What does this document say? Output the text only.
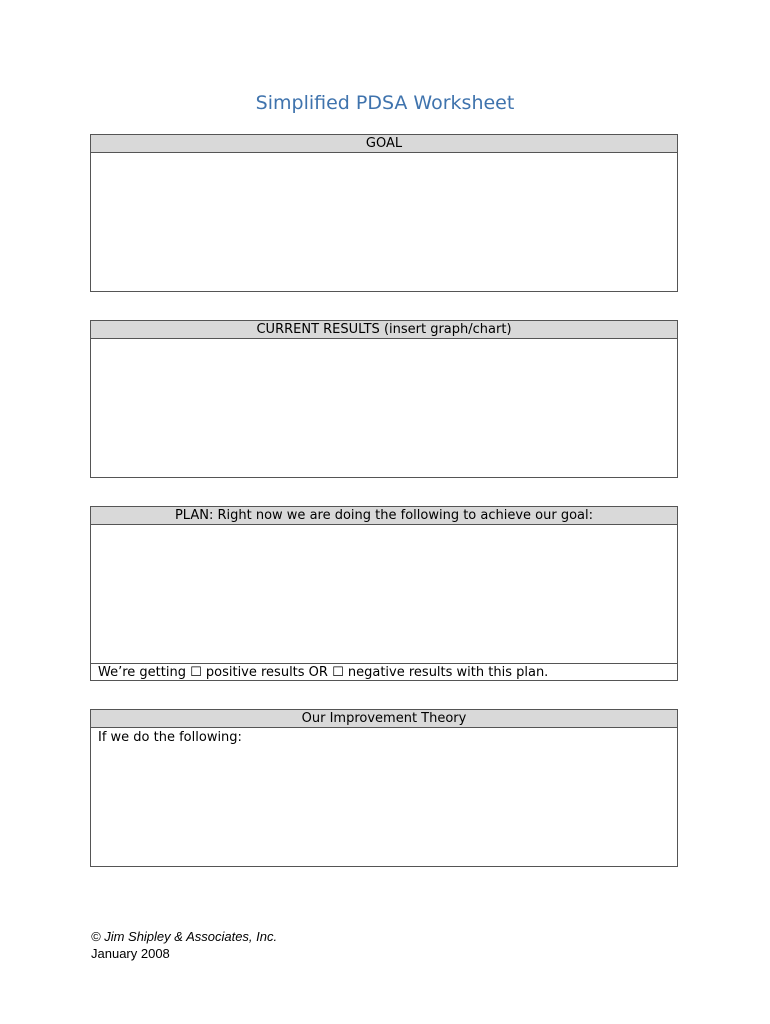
Simplified PDSA Worksheet
GOAL
CURRENT RESULTS (insert graph/chart)
PLAN: Right now we are doing the following to achieve our goal:
We’re getting ☐ positive results OR ☐ negative results with this plan.
Our Improvement Theory
If we do the following:
© Jim Shipley & Associates, Inc.
January 2008
